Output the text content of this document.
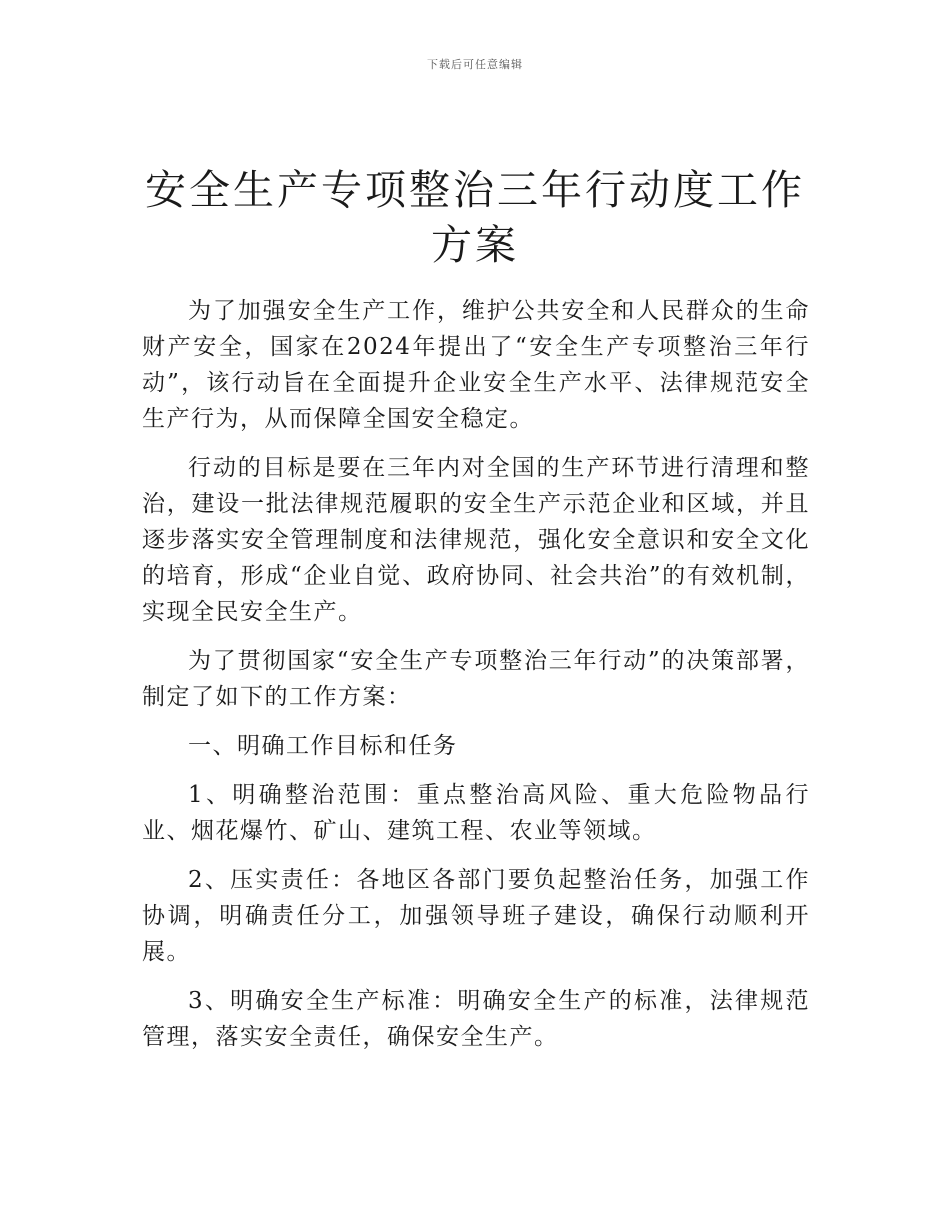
下载后可任意编辑
安全生产专项整治三年行动度工作方案

为了加强安全生产工作，维护公共安全和人民群众的生命财产安全，国家在2024年提出了“安全生产专项整治三年行动”，该行动旨在全面提升企业安全生产水平、法律规范安全生产行为，从而保障全国安全稳定。

行动的目标是要在三年内对全国的生产环节进行清理和整治，建设一批法律规范履职的安全生产示范企业和区域，并且逐步落实安全管理制度和法律规范，强化安全意识和安全文化的培育，形成“企业自觉、政府协同、社会共治”的有效机制，实现全民安全生产。

为了贯彻国家“安全生产专项整治三年行动”的决策部署，制定了如下的工作方案：

一、明确工作目标和任务

1、明确整治范围：重点整治高风险、重大危险物品行业、烟花爆竹、矿山、建筑工程、农业等领域。

2、压实责任：各地区各部门要负起整治任务，加强工作协调，明确责任分工，加强领导班子建设，确保行动顺利开展。

3、明确安全生产标准：明确安全生产的标准，法律规范管理，落实安全责任，确保安全生产。
